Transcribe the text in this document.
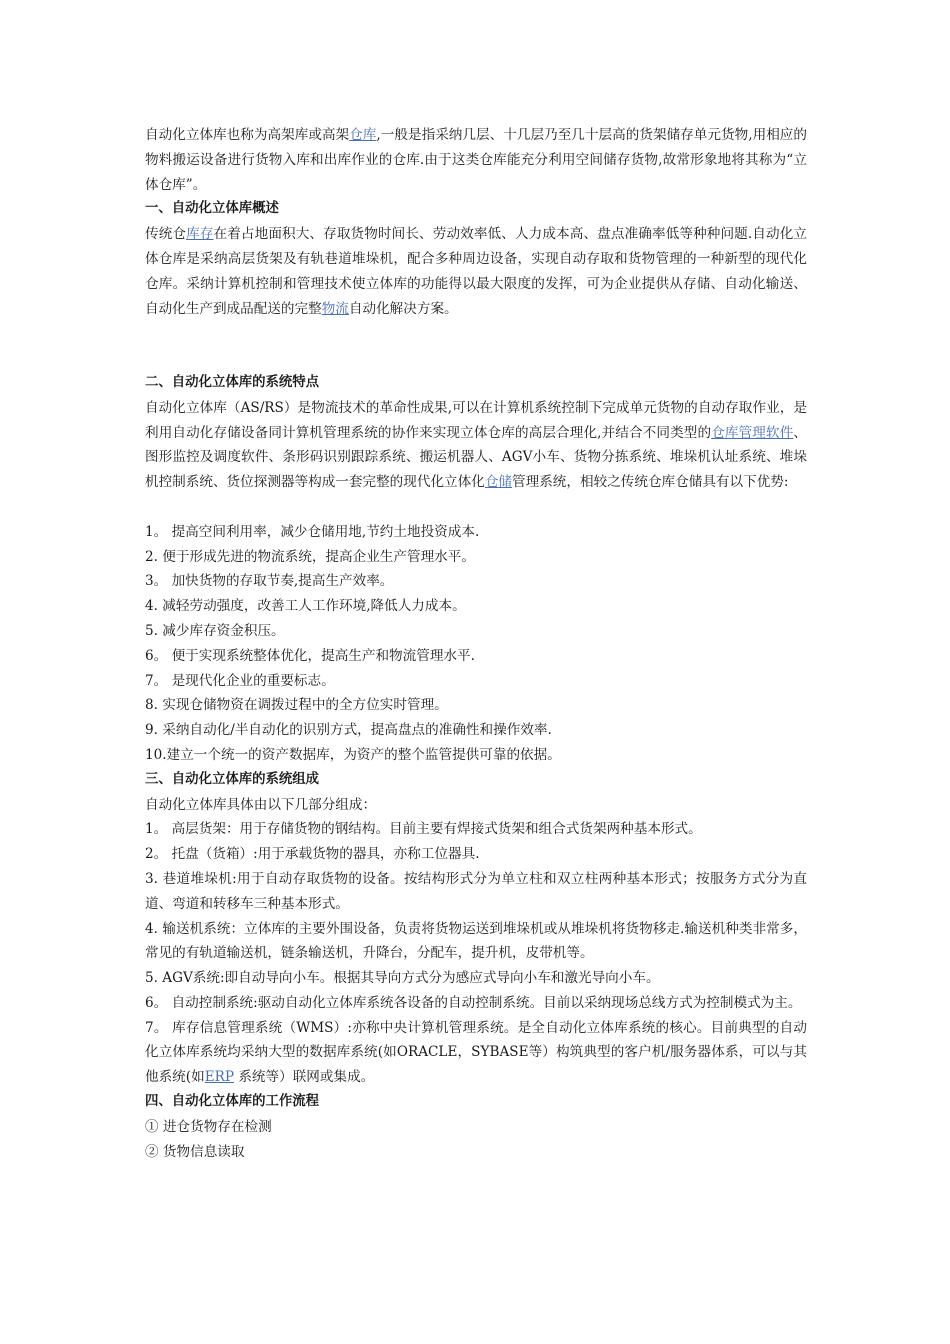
自动化立体库也称为高架库或高架仓库,一般是指采纳几层、十几层乃至几十层高的货架储存单元货物,用相应的物料搬运设备进行货物入库和出库作业的仓库.由于这类仓库能充分利用空间储存货物,故常形象地将其称为“立体仓库”。

一、自动化立体库概述

传统仓库存在着占地面积大、存取货物时间长、劳动效率低、人力成本高、盘点准确率低等种种问题.自动化立体仓库是采纳高层货架及有轨巷道堆垛机，配合多种周边设备，实现自动存取和货物管理的一种新型的现代化仓库。采纳计算机控制和管理技术使立体库的功能得以最大限度的发挥，可为企业提供从存储、自动化输送、自动化生产到成品配送的完整物流自动化解决方案。

二、自动化立体库的系统特点

自动化立体库（AS/RS）是物流技术的革命性成果,可以在计算机系统控制下完成单元货物的自动存取作业，是利用自动化存储设备同计算机管理系统的协作来实现立体仓库的高层合理化,并结合不同类型的仓库管理软件、图形监控及调度软件、条形码识别跟踪系统、搬运机器人、AGV小车、货物分拣系统、堆垛机认址系统、堆垛机控制系统、货位探测器等构成一套完整的现代化立体化仓储管理系统，相较之传统仓库仓储具有以下优势:

1。 提高空间利用率，减少仓储用地,节约土地投资成本.

2. 便于形成先进的物流系统，提高企业生产管理水平。

3。 加快货物的存取节奏,提高生产效率。

4. 减轻劳动强度，改善工人工作环境,降低人力成本。

5. 减少库存资金积压。

6。 便于实现系统整体优化，提高生产和物流管理水平.

7。 是现代化企业的重要标志。

8. 实现仓储物资在调拨过程中的全方位实时管理。

9. 采纳自动化/半自动化的识别方式，提高盘点的准确性和操作效率.

10.建立一个统一的资产数据库，为资产的整个监管提供可靠的依据。

三、自动化立体库的系统组成

自动化立体库具体由以下几部分组成：

1。 高层货架：用于存储货物的钢结构。目前主要有焊接式货架和组合式货架两种基本形式。

2。 托盘（货箱）:用于承载货物的器具，亦称工位器具.

3. 巷道堆垛机:用于自动存取货物的设备。按结构形式分为单立柱和双立柱两种基本形式；按服务方式分为直道、弯道和转移车三种基本形式。

4. 输送机系统：立体库的主要外围设备，负责将货物运送到堆垛机或从堆垛机将货物移走.输送机种类非常多，常见的有轨道输送机，链条输送机，升降台，分配车，提升机，皮带机等。

5. AGV系统:即自动导向小车。根据其导向方式分为感应式导向小车和激光导向小车。

6。 自动控制系统:驱动自动化立体库系统各设备的自动控制系统。目前以采纳现场总线方式为控制模式为主。

7。 库存信息管理系统（WMS）:亦称中央计算机管理系统。是全自动化立体库系统的核心。目前典型的自动化立体库系统均采纳大型的数据库系统(如ORACLE，SYBASE等）构筑典型的客户机/服务器体系，可以与其他系统(如ERP 系统等）联网或集成。

四、自动化立体库的工作流程

① 进仓货物存在检测

② 货物信息读取
